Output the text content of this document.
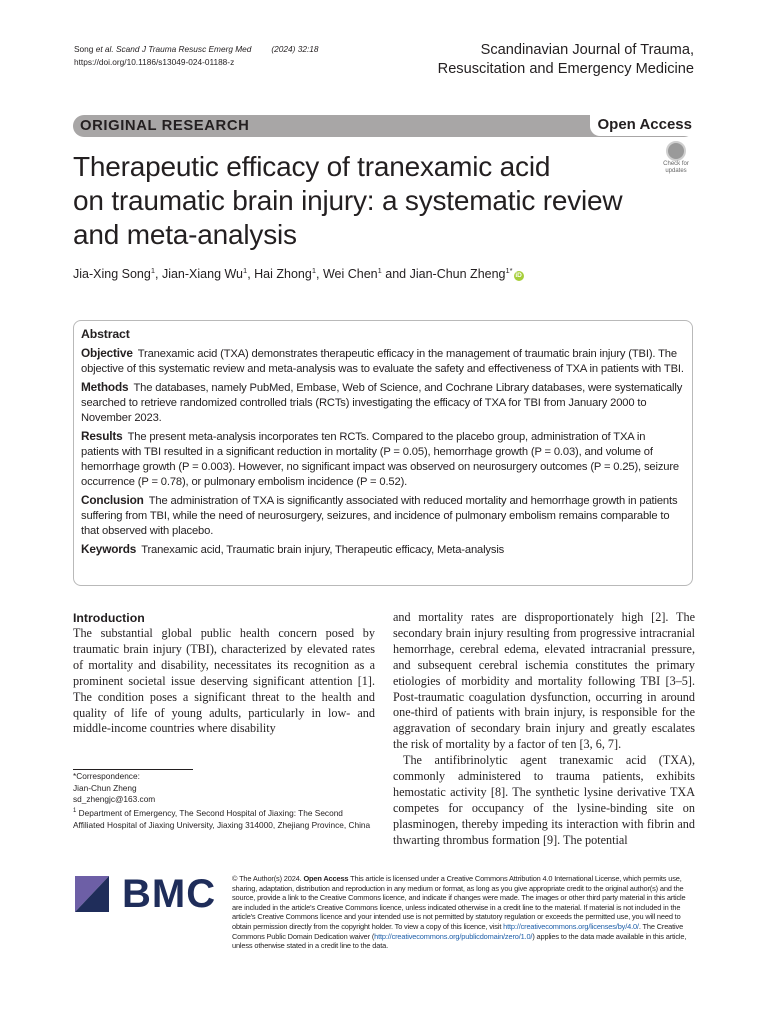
Song et al. Scand J Trauma Resusc Emerg Med (2024) 32:18
https://doi.org/10.1186/s13049-024-01188-z
Scandinavian Journal of Trauma,
Resuscitation and Emergency Medicine
ORIGINAL RESEARCH	Open Access
Therapeutic efficacy of tranexamic acid
on traumatic brain injury: a systematic review
and meta-analysis
Check for
updates
Jia-Xing Song$^1$, Jian-Xiang Wu$^1$, Hai Zhong$^1$, Wei Chen$^1$ and Jian-Chun Zheng$^{1*}$iD
Abstract

Objective Tranexamic acid (TXA) demonstrates therapeutic efficacy in the management of traumatic brain injury (TBI). The objective of this systematic review and meta-analysis was to evaluate the safety and effectiveness of TXA in patients with TBI.

Methods The databases, namely PubMed, Embase, Web of Science, and Cochrane Library databases, were systematically searched to retrieve randomized controlled trials (RCTs) investigating the efficacy of TXA for TBI from January 2000 to November 2023.

Results The present meta-analysis incorporates ten RCTs. Compared to the placebo group, administration of TXA in patients with TBI resulted in a significant reduction in mortality (P = 0.05), hemorrhage growth (P = 0.03), and volume of hemorrhage growth (P = 0.003). However, no significant impact was observed on neurosurgery outcomes (P = 0.25), seizure occurrence (P = 0.78), or pulmonary embolism incidence (P = 0.52).

Conclusion The administration of TXA is significantly associated with reduced mortality and hemorrhage growth in patients suffering from TBI, while the need of neurosurgery, seizures, and incidence of pulmonary embolism remains comparable to that observed with placebo.

Keywords Tranexamic acid, Traumatic brain injury, Therapeutic efficacy, Meta-analysis

Introduction

The substantial global public health concern posed by traumatic brain injury (TBI), characterized by elevated rates of mortality and disability, necessitates its recognition as a prominent societal issue deserving significant attention [1]. The condition poses a significant threat to the health and quality of life of young adults, particularly in low- and middle-income countries where disability

and mortality rates are disproportionately high [2]. The secondary brain injury resulting from progressive intracranial hemorrhage, cerebral edema, elevated intracranial pressure, and subsequent cerebral ischemia constitutes the primary etiologies of morbidity and mortality following TBI [3–5]. Post-traumatic coagulation dysfunction, occurring in around one-third of patients with brain injury, is responsible for the aggravation of secondary brain injury and greatly escalates the risk of mortality by a factor of ten [3, 6, 7].

The antifibrinolytic agent tranexamic acid (TXA), commonly administered to trauma patients, exhibits hemostatic activity [8]. The synthetic lysine derivative TXA competes for occupancy of the lysine-binding site on plasminogen, thereby impeding its interaction with fibrin and thwarting thrombus formation [9]. The potential

*Correspondence:
Jian-Chun Zheng
sd_zhengjc@163.com
$^1$ Department of Emergency, The Second Hospital of Jiaxing: The Second Affiliated Hospital of Jiaxing University, Jiaxing 314000, Zhejiang Province, China
BMC © The Author(s) 2024. Open Access This article is licensed under a Creative Commons Attribution 4.0 International License, which permits use, sharing, adaptation, distribution and reproduction in any medium or format, as long as you give appropriate credit to the original author(s) and the source, provide a link to the Creative Commons licence, and indicate if changes were made. The images or other third party material in this article are included in the article's Creative Commons licence, unless indicated otherwise in a credit line to the material. If material is not included in the article's Creative Commons licence and your intended use is not permitted by statutory regulation or exceeds the permitted use, you will need to obtain permission directly from the copyright holder. To view a copy of this licence, visit http://creativecommons.org/licenses/by/4.0/. The Creative Commons Public Domain Dedication waiver (http://creativecommons.org/publicdomain/zero/1.0/) applies to the data made available in this article, unless otherwise stated in a credit line to the data.
